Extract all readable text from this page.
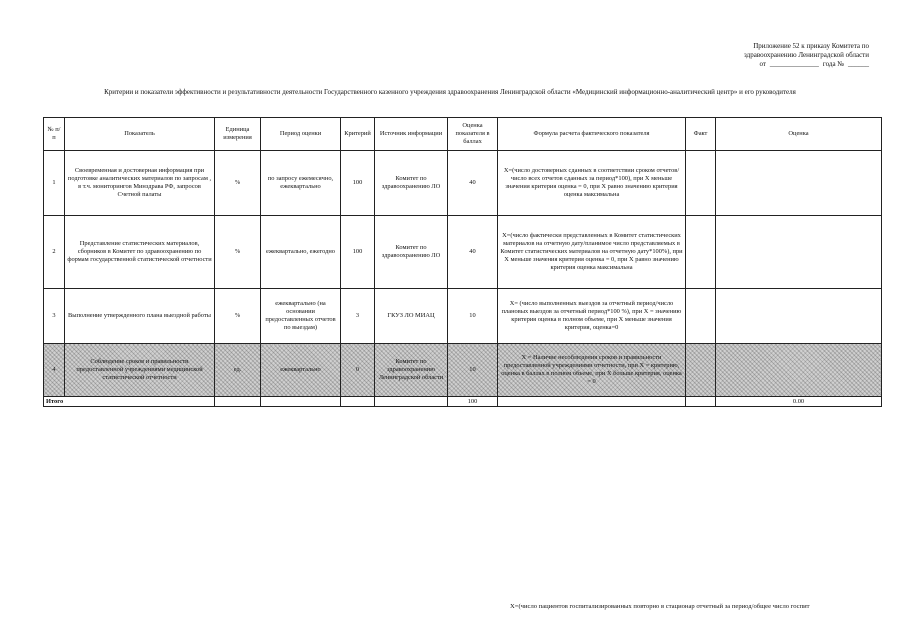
Приложение 52 к приказу Комитета по
здравоохранению Ленинградской области
от ______________ года № ______
Критерии и показатели эффективности и результативности деятельности Государственного казенного учреждения здравоохранения Ленинградской области «Медицинский информационно-аналитический центр» и его руководителя
№ п/п	Показатель	Единица измерения	Период оценки	Критерий	Источник информации	Оценка показателя в баллах	Формула расчета фактического показателя	Факт	Оценка
1	Своевременная и достоверная информация при подготовке аналитических материалов по запросам , в т.ч. мониторингов Минздрава РФ, запросов Счетной палаты	%	по запросу ежемесячно, ежеквартально	100	Комитет по здравоохранению ЛО	40	X=(число достоверных сданных в соответствии сроком отчетов/ число всех отчетов сданных за период*100), при X меньше значения критерия оценка = 0, при X равно значению критерия оценка максимальна		
2	Представление статистических материалов, сборников в Комитет по здравоохранению по формам государственной статистической отчетности	%	ежеквартально, ежегодно	100	Комитет по здравоохранению ЛО	40	X=(число фактически представленных в Комитет статистических материалов на отчетную дату/планимое число представляемых в Комитет статистических материалов на отчетную дату*100%), при X меньше значения критерия оценка = 0, при X равно значению критерия оценка максимальна		
3	Выполнение утвержденного плана выездной работы	%	ежеквартально (на основании предоставленных отчетов по выездам)	3	ГКУЗ ЛО МИАЦ	10	X= (число выполненных выездов за отчетный период/число плановых выездов за отчетный период*100 %), при X = значению критерия оценка в полном объеме, при X меньше значения критерия, оценка=0		
4	Соблюдение сроков и правильности предоставленной учреждениями медицинской статистической отчетности	ед.	ежеквартально	0	Комитет по здравоохранению Ленинградской области	10	X = Наличие несоблюдения сроков и правильности предоставленной учреждениями отчетности, при X = критерию, оценка в баллах в полном объеме, при X больше критерия, оценка = 0		
Итого						100			0.00
X=(число пациентов госпитализированных повторно в стационар отчетный за период/общее число госпит
